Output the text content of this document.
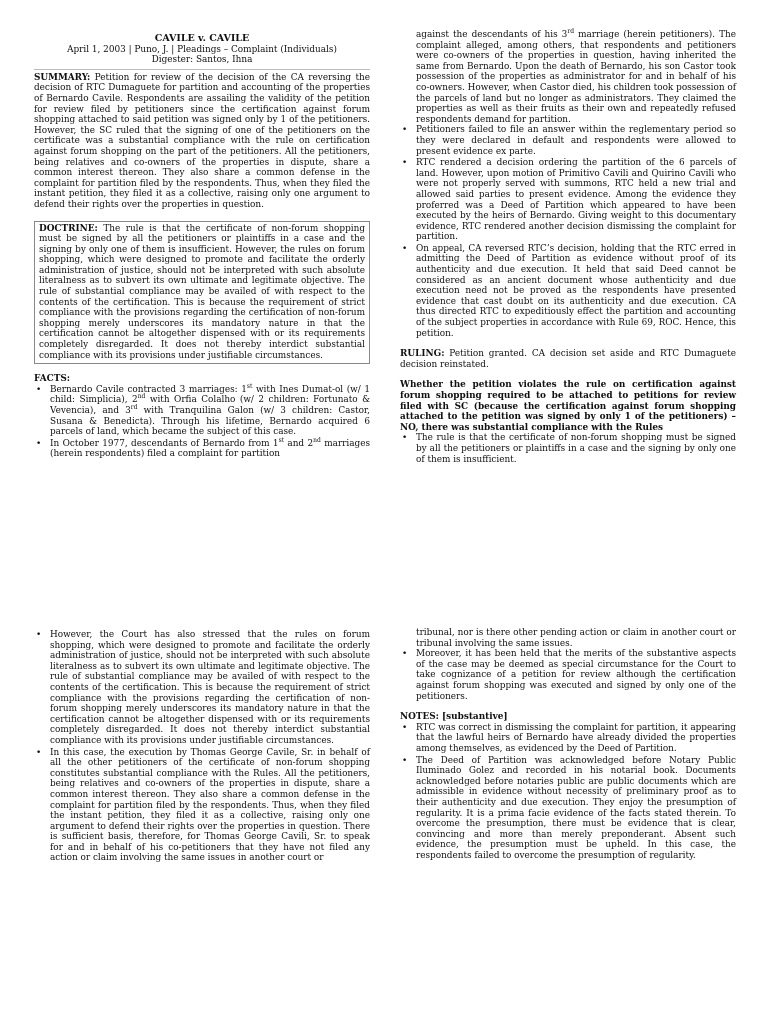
CAVILE v. CAVILE
April 1, 2003 | Puno, J. | Pleadings – Complaint (Individuals)
Digester: Santos, Ihna

SUMMARY: Petition for review of the decision of the CA reversing the decision of RTC Dumaguete for partition and accounting of the properties of Bernardo Cavile. Respondents are assailing the validity of the petition for review filed by petitioners since the certification against forum shopping attached to said petition was signed only by 1 of the petitioners. However, the SC ruled that the signing of one of the petitioners on the certificate was a substantial compliance with the rule on certification against forum shopping on the part of the petitioners. All the petitioners, being relatives and co-owners of the properties in dispute, share a common interest thereon. They also share a common defense in the complaint for partition filed by the respondents. Thus, when they filed the instant petition, they filed it as a collective, raising only one argument to defend their rights over the properties in question.

DOCTRINE: The rule is that the certificate of non-forum shopping must be signed by all the petitioners or plaintiffs in a case and the signing by only one of them is insufficient. However, the rules on forum shopping, which were designed to promote and facilitate the orderly administration of justice, should not be interpreted with such absolute literalness as to subvert its own ultimate and legitimate objective. The rule of substantial compliance may be availed of with respect to the contents of the certification. This is because the requirement of strict compliance with the provisions regarding the certification of non-forum shopping merely underscores its mandatory nature in that the certification cannot be altogether dispensed with or its requirements completely disregarded. It does not thereby interdict substantial compliance with its provisions under justifiable circumstances.

FACTS:
• Bernardo Cavile contracted 3 marriages: 1st with Ines Dumat-ol (w/ 1 child: Simplicia), 2nd with Orfia Colalho (w/ 2 children: Fortunato & Vevencia), and 3rd with Tranquilina Galon (w/ 3 children: Castor, Susana & Benedicta). Through his lifetime, Bernardo acquired 6 parcels of land, which became the subject of this case.
• In October 1977, descendants of Bernardo from 1st and 2nd marriages (herein respondents) filed a complaint for partition

against the descendants of his 3rd marriage (herein petitioners). The complaint alleged, among others, that respondents and petitioners were co-owners of the properties in question, having inherited the same from Bernardo. Upon the death of Bernardo, his son Castor took possession of the properties as administrator for and in behalf of his co-owners. However, when Castor died, his children took possession of the parcels of land but no longer as administrators. They claimed the properties as well as their fruits as their own and repeatedly refused respondents demand for partition.

• Petitioners failed to file an answer within the reglementary period so they were declared in default and respondents were allowed to present evidence ex parte.
• RTC rendered a decision ordering the partition of the 6 parcels of land. However, upon motion of Primitivo Cavili and Quirino Cavili who were not properly served with summons, RTC held a new trial and allowed said parties to present evidence. Among the evidence they proferred was a Deed of Partition which appeared to have been executed by the heirs of Bernardo. Giving weight to this documentary evidence, RTC rendered another decision dismissing the complaint for partition.
• On appeal, CA reversed RTC’s decision, holding that the RTC erred in admitting the Deed of Partition as evidence without proof of its authenticity and due execution. It held that said Deed cannot be considered as an ancient document whose authenticity and due execution need not be proved as the respondents have presented evidence that cast doubt on its authenticity and due execution. CA thus directed RTC to expeditiously effect the partition and accounting of the subject properties in accordance with Rule 69, ROC. Hence, this petition.

RULING: Petition granted. CA decision set aside and RTC Dumaguete decision reinstated.

Whether the petition violates the rule on certification against forum shopping required to be attached to petitions for review filed with SC (because the certification against forum shopping attached to the petition was signed by only 1 of the petitioners) – NO, there was substantial compliance with the Rules

• The rule is that the certificate of non-forum shopping must be signed by all the petitioners or plaintiffs in a case and the signing by only one of them is insufficient.
• However, the Court has also stressed that the rules on forum shopping, which were designed to promote and facilitate the orderly administration of justice, should not be interpreted with such absolute literalness as to subvert its own ultimate and legitimate objective. The rule of substantial compliance may be availed of with respect to the contents of the certification. This is because the requirement of strict compliance with the provisions regarding the certification of non-forum shopping merely underscores its mandatory nature in that the certification cannot be altogether dispensed with or its requirements completely disregarded. It does not thereby interdict substantial compliance with its provisions under justifiable circumstances.
• In this case, the execution by Thomas George Cavile, Sr. in behalf of all the other petitioners of the certificate of non-forum shopping constitutes substantial compliance with the Rules. All the petitioners, being relatives and co-owners of the properties in dispute, share a common interest thereon. They also share a common defense in the complaint for partition filed by the respondents. Thus, when they filed the instant petition, they filed it as a collective, raising only one argument to defend their rights over the properties in question. There is sufficient basis, therefore, for Thomas George Cavili, Sr. to speak for and in behalf of his co-petitioners that they have not filed any action or claim involving the same issues in another court or

tribunal, nor is there other pending action or claim in another court or tribunal involving the same issues.

• Moreover, it has been held that the merits of the substantive aspects of the case may be deemed as special circumstance for the Court to take cognizance of a petition for review although the certification against forum shopping was executed and signed by only one of the petitioners.
NOTES: [substantive]
• RTC was correct in dismissing the complaint for partition, it appearing that the lawful heirs of Bernardo have already divided the properties among themselves, as evidenced by the Deed of Partition.
• The Deed of Partition was acknowledged before Notary Public Iluminado Golez and recorded in his notarial book. Documents acknowledged before notaries public are public documents which are admissible in evidence without necessity of preliminary proof as to their authenticity and due execution. They enjoy the presumption of regularity. It is a prima facie evidence of the facts stated therein. To overcome the presumption, there must be evidence that is clear, convincing and more than merely preponderant. Absent such evidence, the presumption must be upheld. In this case, the respondents failed to overcome the presumption of regularity.
